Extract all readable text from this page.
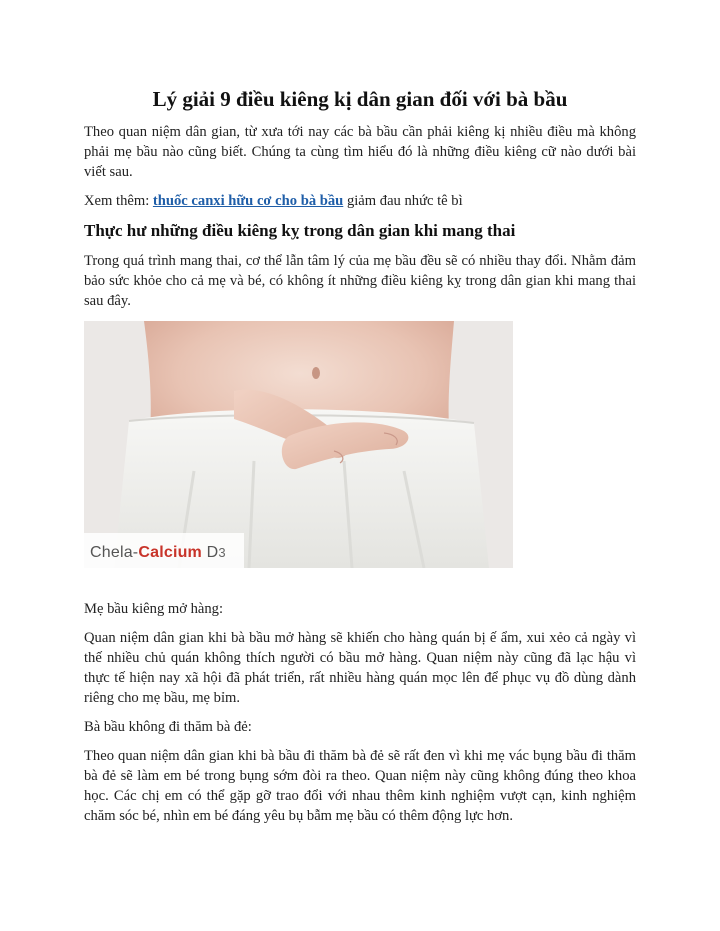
Lý giải 9 điều kiêng kị dân gian đối với bà bầu

Theo quan niệm dân gian, từ xưa tới nay các bà bầu cần phải kiêng kị nhiều điều mà không phải mẹ bầu nào cũng biết. Chúng ta cùng tìm hiểu đó là những điều kiêng cữ nào dưới bài viết sau.

Xem thêm: thuốc canxi hữu cơ cho bà bầu giảm đau nhức tê bì

Thực hư những điều kiêng kỵ trong dân gian khi mang thai

Trong quá trình mang thai, cơ thể lẫn tâm lý của mẹ bầu đều sẽ có nhiều thay đổi. Nhằm đảm bảo sức khỏe cho cả mẹ và bé, có không ít những điều kiêng kỵ trong dân gian khi mang thai sau đây.

Chela-Calcium D3

Mẹ bầu kiêng mở hàng:

Quan niệm dân gian khi bà bầu mở hàng sẽ khiến cho hàng quán bị ế ẩm, xui xẻo cả ngày vì thế nhiều chủ quán không thích người có bầu mở hàng. Quan niệm này cũng đã lạc hậu vì thực tế hiện nay xã hội đã phát triển, rất nhiều hàng quán mọc lên để phục vụ đồ dùng dành riêng cho mẹ bầu, mẹ bỉm.

Bà bầu không đi thăm bà đẻ:

Theo quan niệm dân gian khi bà bầu đi thăm bà đẻ sẽ rất đen vì khi mẹ vác bụng bầu đi thăm bà đẻ sẽ làm em bé trong bụng sớm đòi ra theo. Quan niệm này cũng không đúng theo khoa học. Các chị em có thể gặp gỡ trao đổi với nhau thêm kinh nghiệm vượt cạn, kinh nghiệm chăm sóc bé, nhìn em bé đáng yêu bụ bẫm mẹ bầu có thêm động lực hơn.
